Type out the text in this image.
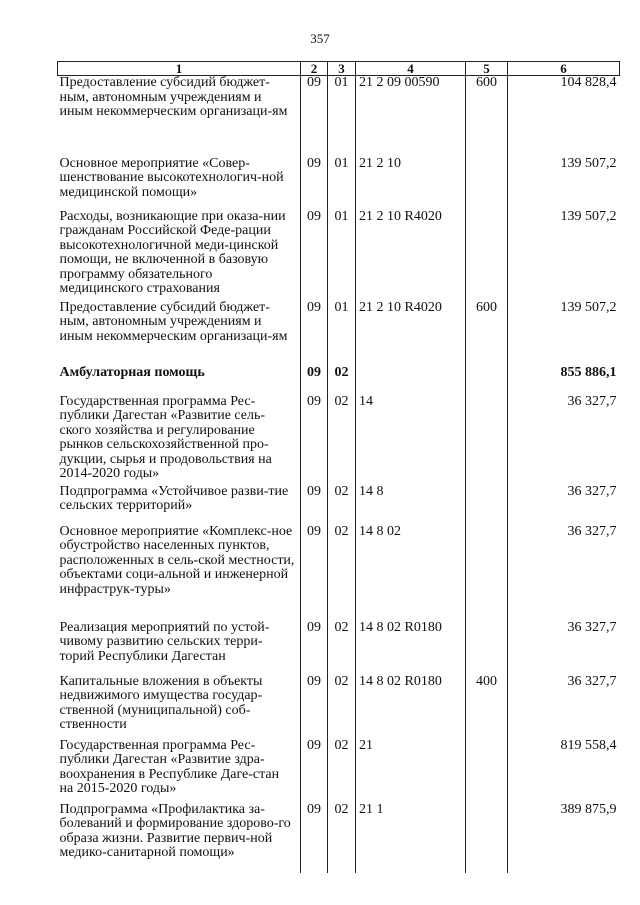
357
1	2	3	4	5	6
Предоставление субсидий бюджет-ным, автономным учреждениям и иным некоммерческим организаци-ям	09	01	21 2 09 00590	600	104 828,4
Основное мероприятие «Совер-шенствование высокотехнологич-ной медицинской помощи»	09	01	21 2 10		139 507,2
Расходы, возникающие при оказа-нии гражданам Российской Феде-рации высокотехнологичной меди-цинской помощи, не включенной в базовую программу обязательного медицинского страхования	09	01	21 2 10 R4020		139 507,2
Предоставление субсидий бюджет-ным, автономным учреждениям и иным некоммерческим организаци-ям	09	01	21 2 10 R4020	600	139 507,2
Амбулаторная помощь	09	02			855 886,1
Государственная программа Рес-публики Дагестан «Развитие сель-ского хозяйства и регулирование рынков сельскохозяйственной про-дукции, сырья и продовольствия на 2014-2020 годы»	09	02	14		36 327,7
Подпрограмма «Устойчивое разви-тие сельских территорий»	09	02	14 8		36 327,7
Основное мероприятие «Комплекс-ное обустройство населенных пунктов, расположенных в сель-ской местности, объектами соци-альной и инженерной инфраструк-туры»	09	02	14 8 02		36 327,7
Реализация мероприятий по устой-чивому развитию сельских терри-торий Республики Дагестан	09	02	14 8 02 R0180		36 327,7
Капитальные вложения в объекты недвижимого имущества государ-ственной (муниципальной) соб-ственности	09	02	14 8 02 R0180	400	36 327,7
Государственная программа Рес-публики Дагестан «Развитие здра-воохранения в Республике Даге-стан на 2015-2020 годы»	09	02	21		819 558,4
Подпрограмма «Профилактика за-болеваний и формирование здорово-го образа жизни. Развитие первич-ной медико-санитарной помощи»	09	02	21 1		389 875,9
